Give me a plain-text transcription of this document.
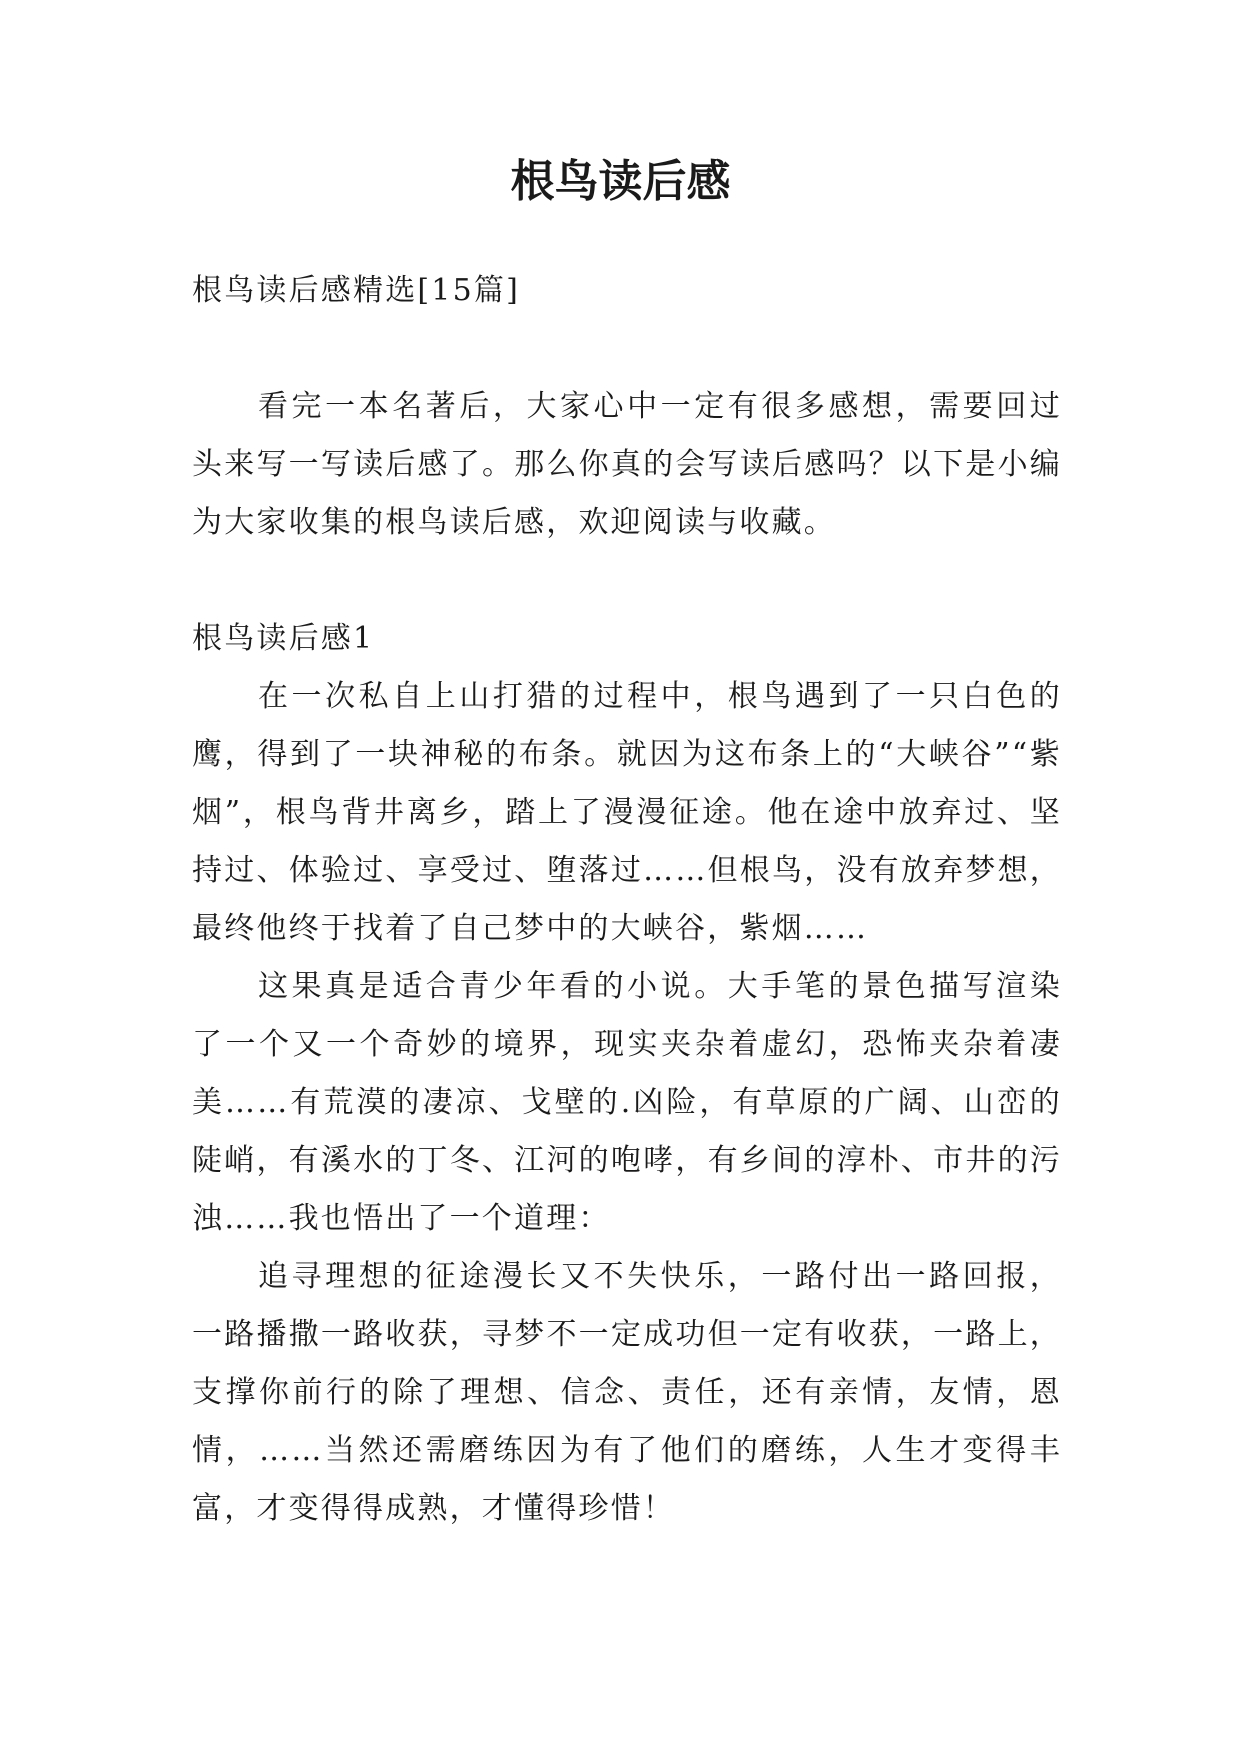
根鸟读后感

根鸟读后感精选[15篇]

看完一本名著后，大家心中一定有很多感想，需要回过头来写一写读后感了。那么你真的会写读后感吗？以下是小编为大家收集的根鸟读后感，欢迎阅读与收藏。

根鸟读后感1

在一次私自上山打猎的过程中，根鸟遇到了一只白色的鹰，得到了一块神秘的布条。就因为这布条上的“大峡谷”“紫烟”，根鸟背井离乡，踏上了漫漫征途。他在途中放弃过、坚持过、体验过、享受过、堕落过……但根鸟，没有放弃梦想，最终他终于找着了自己梦中的大峡谷，紫烟……

这果真是适合青少年看的小说。大手笔的景色描写渲染了一个又一个奇妙的境界，现实夹杂着虚幻，恐怖夹杂着凄美……有荒漠的凄凉、戈壁的.凶险，有草原的广阔、山峦的陡峭，有溪水的丁冬、江河的咆哮，有乡间的淳朴、市井的污浊……我也悟出了一个道理：

追寻理想的征途漫长又不失快乐，一路付出一路回报，一路播撒一路收获，寻梦不一定成功但一定有收获，一路上，支撑你前行的除了理想、信念、责任，还有亲情，友情，恩情，……当然还需磨练因为有了他们的磨练，人生才变得丰富，才变得得成熟，才懂得珍惜！
